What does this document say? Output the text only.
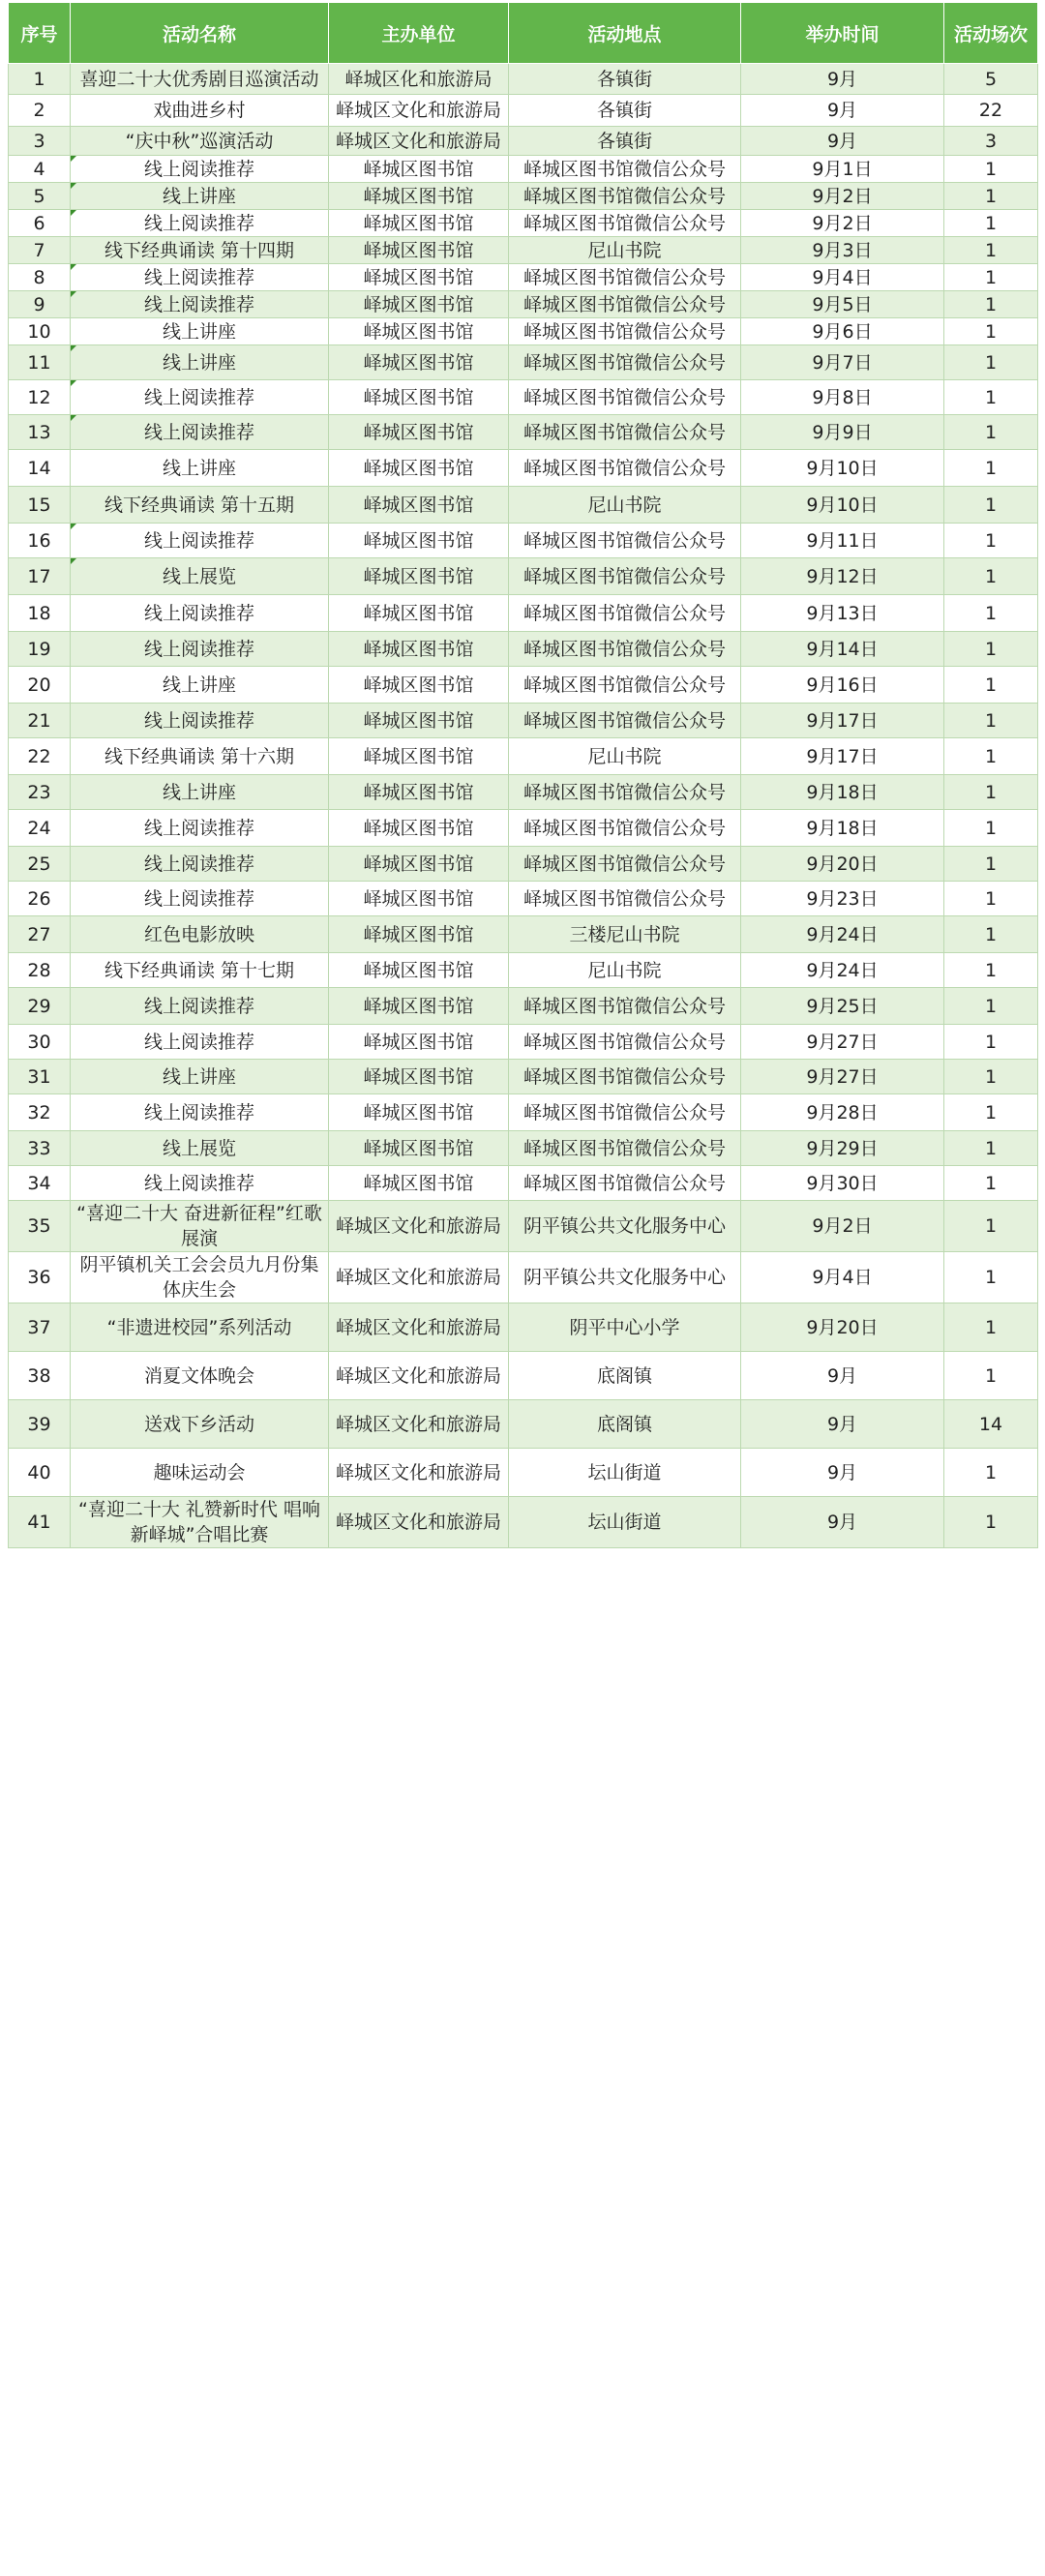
序号	活动名称	主办单位	活动地点	举办时间	活动场次
1	喜迎二十大优秀剧目巡演活动	峄城区化和旅游局	各镇街	9月	5
2	戏曲进乡村	峄城区文化和旅游局	各镇街	9月	22
3	“庆中秋”巡演活动	峄城区文化和旅游局	各镇街	9月	3
4	线上阅读推荐	峄城区图书馆	峄城区图书馆微信公众号	9月1日	1
5	线上讲座	峄城区图书馆	峄城区图书馆微信公众号	9月2日	1
6	线上阅读推荐	峄城区图书馆	峄城区图书馆微信公众号	9月2日	1
7	线下经典诵读 第十四期	峄城区图书馆	尼山书院	9月3日	1
8	线上阅读推荐	峄城区图书馆	峄城区图书馆微信公众号	9月4日	1
9	线上阅读推荐	峄城区图书馆	峄城区图书馆微信公众号	9月5日	1
10	线上讲座	峄城区图书馆	峄城区图书馆微信公众号	9月6日	1
11	线上讲座	峄城区图书馆	峄城区图书馆微信公众号	9月7日	1
12	线上阅读推荐	峄城区图书馆	峄城区图书馆微信公众号	9月8日	1
13	线上阅读推荐	峄城区图书馆	峄城区图书馆微信公众号	9月9日	1
14	线上讲座	峄城区图书馆	峄城区图书馆微信公众号	9月10日	1
15	线下经典诵读 第十五期	峄城区图书馆	尼山书院	9月10日	1
16	线上阅读推荐	峄城区图书馆	峄城区图书馆微信公众号	9月11日	1
17	线上展览	峄城区图书馆	峄城区图书馆微信公众号	9月12日	1
18	线上阅读推荐	峄城区图书馆	峄城区图书馆微信公众号	9月13日	1
19	线上阅读推荐	峄城区图书馆	峄城区图书馆微信公众号	9月14日	1
20	线上讲座	峄城区图书馆	峄城区图书馆微信公众号	9月16日	1
21	线上阅读推荐	峄城区图书馆	峄城区图书馆微信公众号	9月17日	1
22	线下经典诵读 第十六期	峄城区图书馆	尼山书院	9月17日	1
23	线上讲座	峄城区图书馆	峄城区图书馆微信公众号	9月18日	1
24	线上阅读推荐	峄城区图书馆	峄城区图书馆微信公众号	9月18日	1
25	线上阅读推荐	峄城区图书馆	峄城区图书馆微信公众号	9月20日	1
26	线上阅读推荐	峄城区图书馆	峄城区图书馆微信公众号	9月23日	1
27	红色电影放映	峄城区图书馆	三楼尼山书院	9月24日	1
28	线下经典诵读 第十七期	峄城区图书馆	尼山书院	9月24日	1
29	线上阅读推荐	峄城区图书馆	峄城区图书馆微信公众号	9月25日	1
30	线上阅读推荐	峄城区图书馆	峄城区图书馆微信公众号	9月27日	1
31	线上讲座	峄城区图书馆	峄城区图书馆微信公众号	9月27日	1
32	线上阅读推荐	峄城区图书馆	峄城区图书馆微信公众号	9月28日	1
33	线上展览	峄城区图书馆	峄城区图书馆微信公众号	9月29日	1
34	线上阅读推荐	峄城区图书馆	峄城区图书馆微信公众号	9月30日	1
35	“喜迎二十大 奋进新征程”红歌展演	峄城区文化和旅游局	阴平镇公共文化服务中心	9月2日	1
36	阴平镇机关工会会员九月份集体庆生会	峄城区文化和旅游局	阴平镇公共文化服务中心	9月4日	1
37	“非遗进校园”系列活动	峄城区文化和旅游局	阴平中心小学	9月20日	1
38	消夏文体晚会	峄城区文化和旅游局	底阁镇	9月	1
39	送戏下乡活动	峄城区文化和旅游局	底阁镇	9月	14
40	趣味运动会	峄城区文化和旅游局	坛山街道	9月	1
41	“喜迎二十大 礼赞新时代 唱响新峄城”合唱比赛	峄城区文化和旅游局	坛山街道	9月	1
